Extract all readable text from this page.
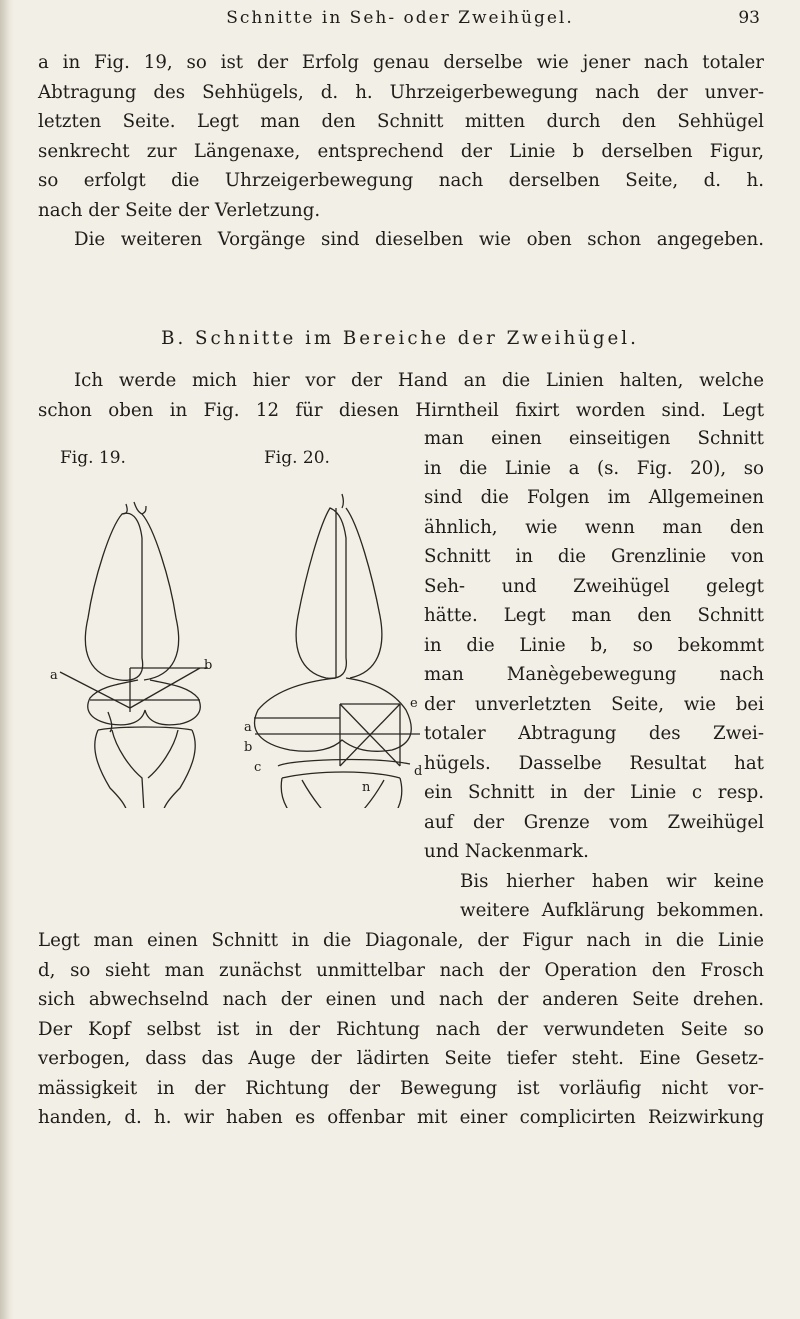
Schnitte in Seh- oder Zweihügel.	93
a in Fig. 19, so ist der Erfolg genau derselbe wie jener nach totaler
Abtragung des Sehhügels, d. h. Uhrzeigerbewegung nach der unver-
letzten Seite. Legt man den Schnitt mitten durch den Sehhügel
senkrecht zur Längenaxe, entsprechend der Linie b derselben Figur,
so erfolgt die Uhrzeigerbewegung nach derselben Seite, d. h.
nach der Seite der Verletzung.
Die weiteren Vorgänge sind dieselben wie oben schon angegeben.
B. Schnitte im Bereiche der Zweihügel.
Ich werde mich hier vor der Hand an die Linien halten, welche
schon oben in Fig. 12 für diesen Hirntheil fixirt worden sind. Legt
Fig. 19.	Fig. 20.
a
b
a
b
c	d
e
n
man einen einseitigen Schnitt
in die Linie a (s. Fig. 20), so
sind die Folgen im Allgemeinen
ähnlich, wie wenn man den
Schnitt in die Grenzlinie von
Seh- und Zweihügel gelegt
hätte. Legt man den Schnitt
in die Linie b, so bekommt
man Manègebewegung nach
der unverletzten Seite, wie bei
totaler Abtragung des Zwei-
hügels. Dasselbe Resultat hat
ein Schnitt in der Linie c resp.
auf der Grenze vom Zweihügel
und Nackenmark.
Bis hierher haben wir keine
weitere Aufklärung bekommen.
Legt man einen Schnitt in die Diagonale, der Figur nach in die Linie
d, so sieht man zunächst unmittelbar nach der Operation den Frosch
sich abwechselnd nach der einen und nach der anderen Seite drehen.
Der Kopf selbst ist in der Richtung nach der verwundeten Seite so
verbogen, dass das Auge der lädirten Seite tiefer steht. Eine Gesetz-
mässigkeit in der Richtung der Bewegung ist vorläufig nicht vor-
handen, d. h. wir haben es offenbar mit einer complicirten Reizwirkung
